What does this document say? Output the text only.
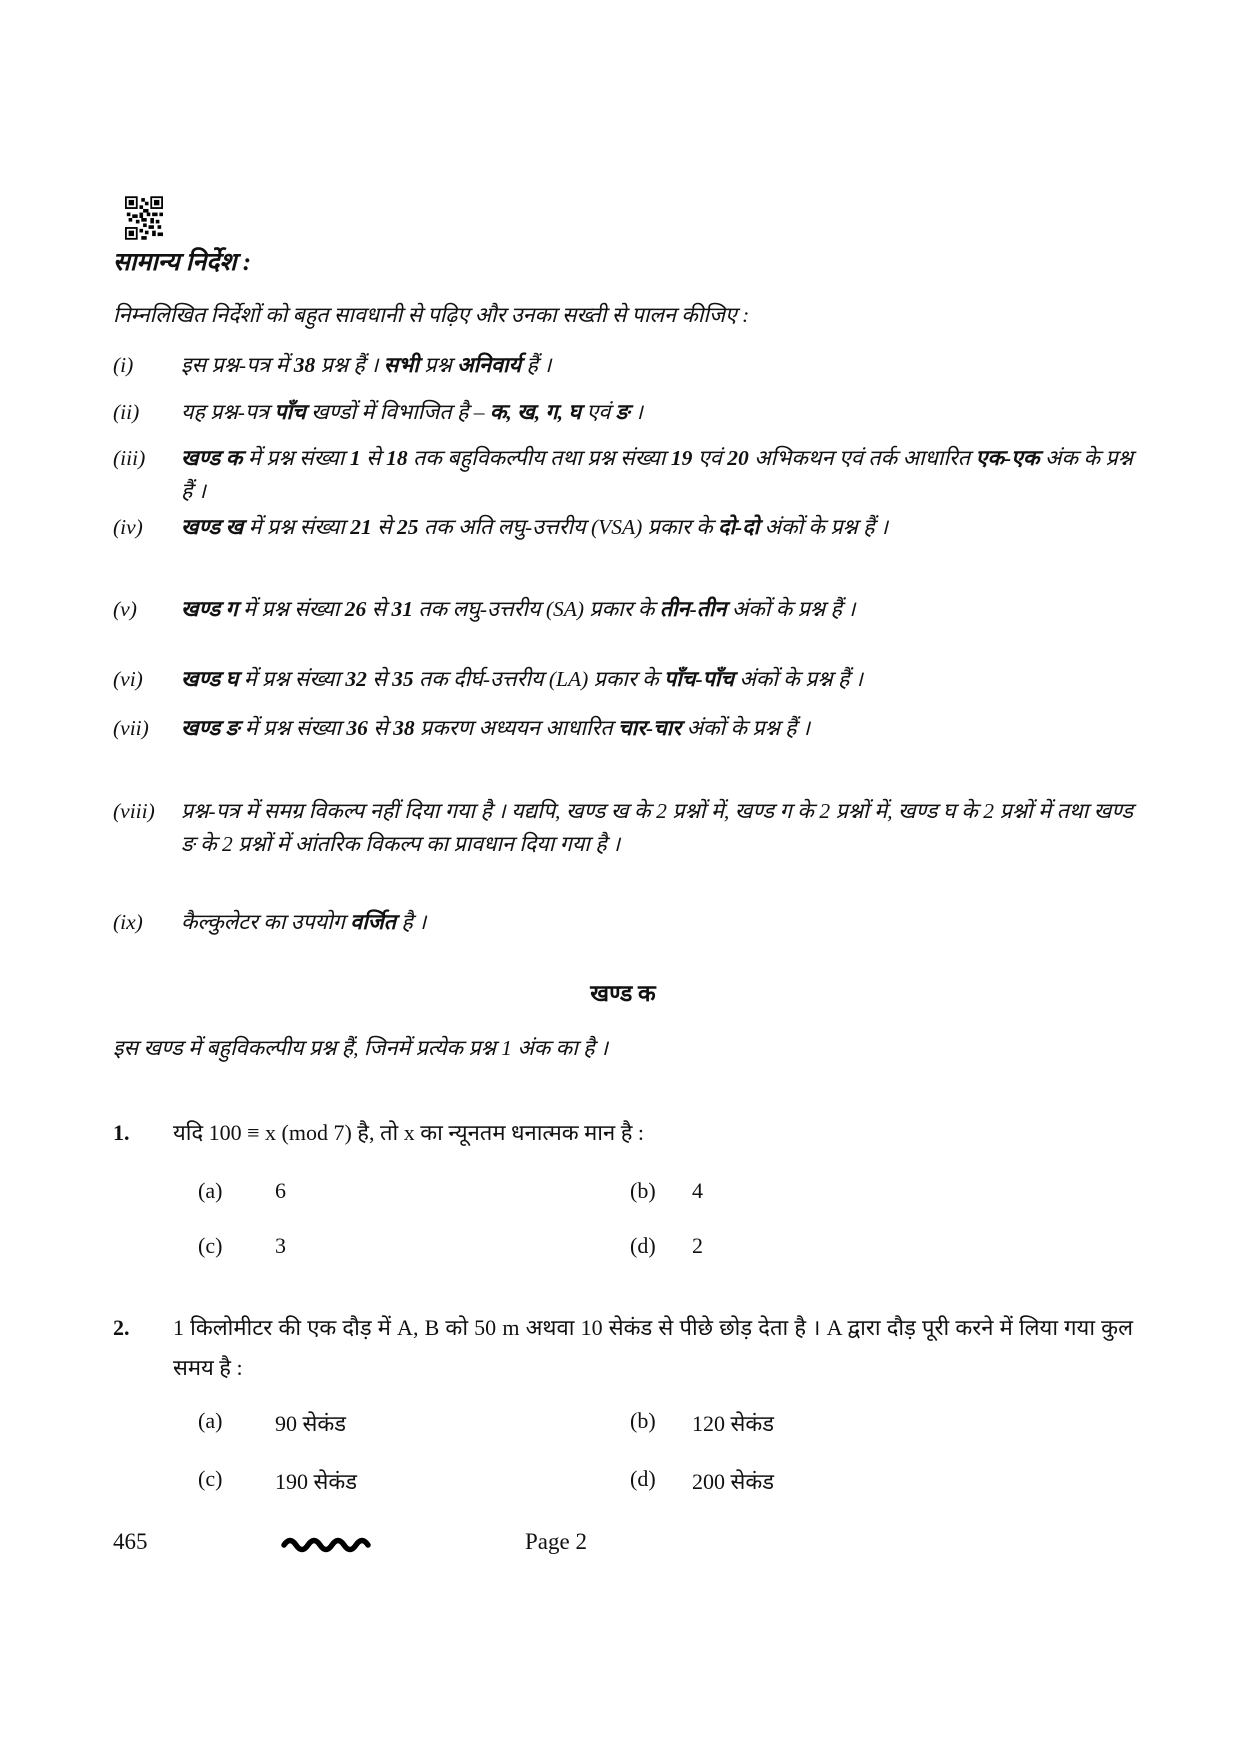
सामान्य निर्देश :
निम्नलिखित निर्देशों को बहुत सावधानी से पढ़िए और उनका सख्ती से पालन कीजिए :
(i)	इस प्रश्न-पत्र में 38 प्रश्न हैं । सभी प्रश्न अनिवार्य हैं ।
(ii)	यह प्रश्न-पत्र पाँच खण्डों में विभाजित है – क, ख, ग, घ एवं ङ ।
(iii)	खण्ड क में प्रश्न संख्या 1 से 18 तक बहुविकल्पीय तथा प्रश्न संख्या 19 एवं 20 अभिकथन एवं तर्क आधारित एक-एक अंक के प्रश्न हैं ।
(iv)	खण्ड ख में प्रश्न संख्या 21 से 25 तक अति लघु-उत्तरीय (VSA) प्रकार के दो-दो अंकों के प्रश्न हैं ।
(v)	खण्ड ग में प्रश्न संख्या 26 से 31 तक लघु-उत्तरीय (SA) प्रकार के तीन-तीन अंकों के प्रश्न हैं ।
(vi)	खण्ड घ में प्रश्न संख्या 32 से 35 तक दीर्घ-उत्तरीय (LA) प्रकार के पाँच-पाँच अंकों के प्रश्न हैं ।
(vii)	खण्ड ङ में प्रश्न संख्या 36 से 38 प्रकरण अध्ययन आधारित चार-चार अंकों के प्रश्न हैं ।
(viii)	प्रश्न-पत्र में समग्र विकल्प नहीं दिया गया है । यद्यपि, खण्ड ख के 2 प्रश्नों में, खण्ड ग के 2 प्रश्नों में, खण्ड घ के 2 प्रश्नों में तथा खण्ड ङ के 2 प्रश्नों में आंतरिक विकल्प का प्रावधान दिया गया है ।
(ix)	कैल्कुलेटर का उपयोग वर्जित है ।
खण्ड क
इस खण्ड में बहुविकल्पीय प्रश्न हैं, जिनमें प्रत्येक प्रश्न 1 अंक का है ।
1.	यदि 100 ≡ x (mod 7) है, तो x का न्यूनतम धनात्मक मान है :
(a)	6	(b)	4
(c)	3	(d)	2
2.	1 किलोमीटर की एक दौड़ में A, B को 50 m अथवा 10 सेकंड से पीछे छोड़ देता है । A द्वारा दौड़ पूरी करने में लिया गया कुल समय है :
(a)	90 सेकंड	(b)	120 सेकंड
(c)	190 सेकंड	(d)	200 सेकंड
465	Page 2
